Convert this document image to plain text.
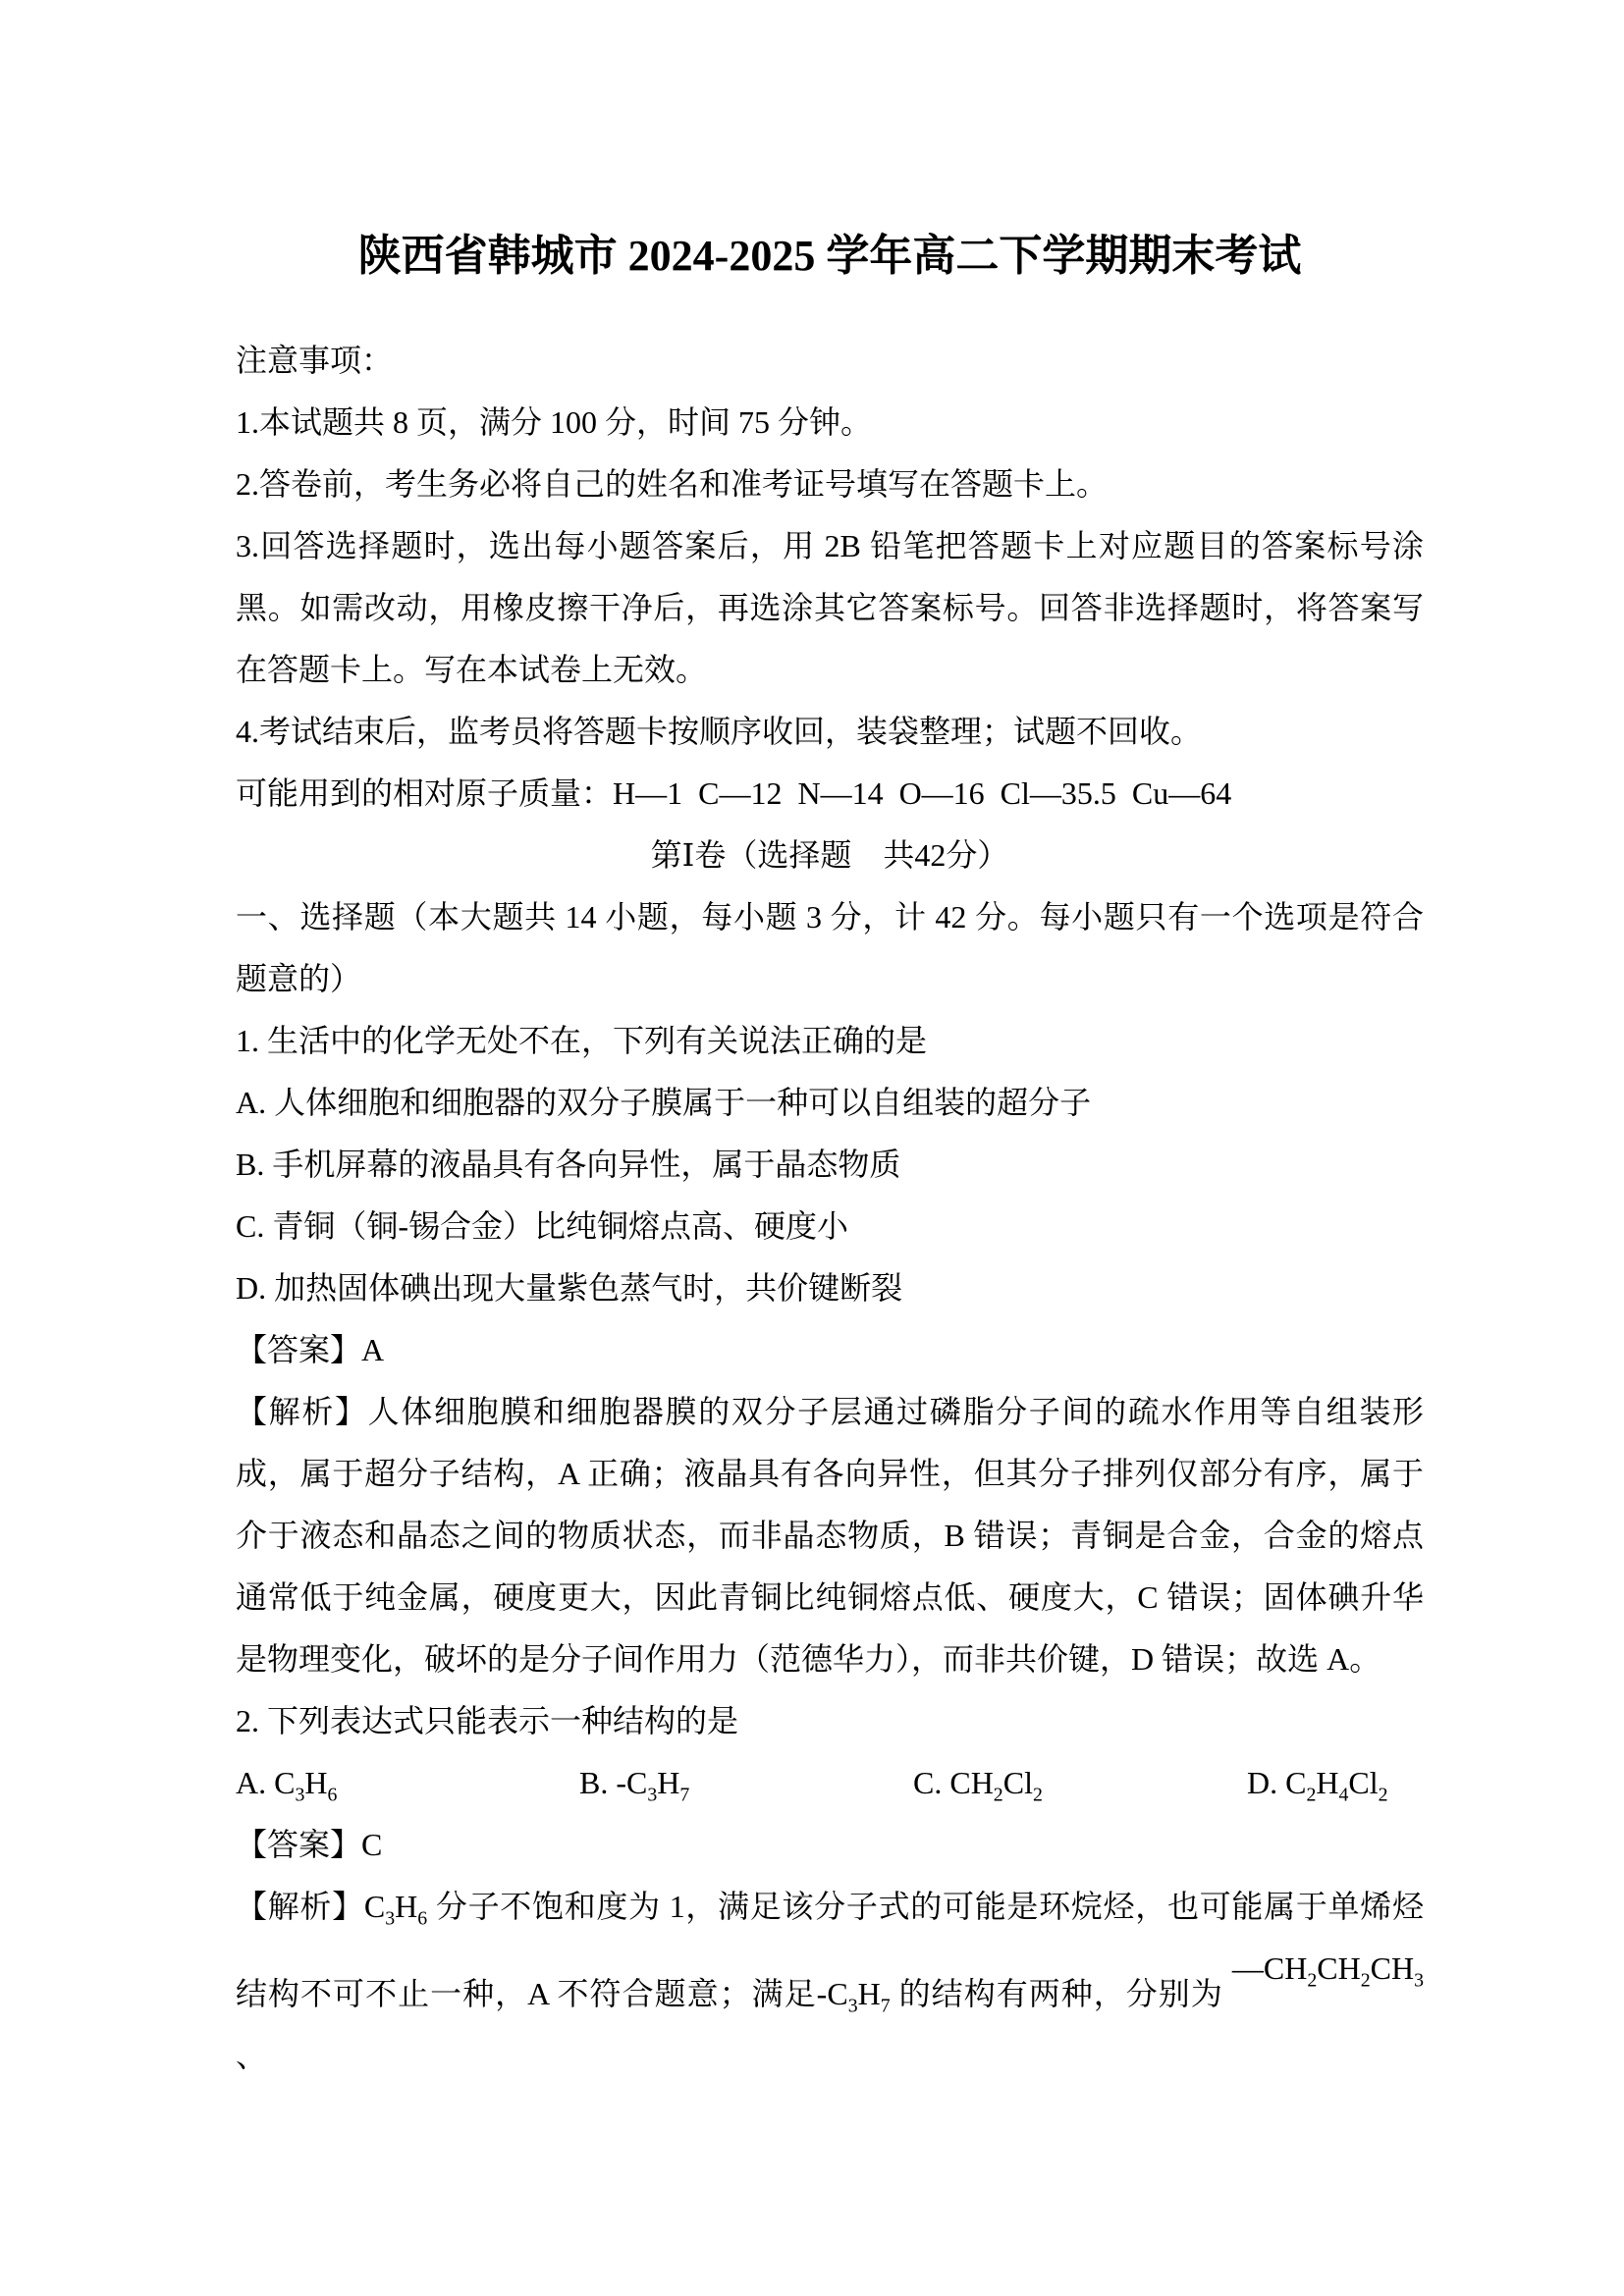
陕西省韩城市 2024-2025 学年高二下学期期末考试

注意事项：

1.本试题共 8 页，满分 100 分，时间 75 分钟。

2.答卷前，考生务必将自己的姓名和准考证号填写在答题卡上。

3.回答选择题时，选出每小题答案后，用 2B 铅笔把答题卡上对应题目的答案标号涂黑。如需改动，用橡皮擦干净后，再选涂其它答案标号。回答非选择题时，将答案写在答题卡上。写在本试卷上无效。

4.考试结束后，监考员将答题卡按顺序收回，装袋整理；试题不回收。

可能用到的相对原子质量：H—1  C—12  N—14  O—16  Cl—35.5  Cu—64

第Ⅰ卷（选择题　共42分）

一、选择题（本大题共 14 小题，每小题 3 分，计 42 分。每小题只有一个选项是符合题意的）

1. 生活中的化学无处不在，下列有关说法正确的是

A. 人体细胞和细胞器的双分子膜属于一种可以自组装的超分子

B. 手机屏幕的液晶具有各向异性，属于晶态物质

C. 青铜（铜-锡合金）比纯铜熔点高、硬度小

D. 加热固体碘出现大量紫色蒸气时，共价键断裂

【答案】A

【解析】人体细胞膜和细胞器膜的双分子层通过磷脂分子间的疏水作用等自组装形成，属于超分子结构，A 正确；液晶具有各向异性，但其分子排列仅部分有序，属于介于液态和晶态之间的物质状态，而非晶态物质，B 错误；青铜是合金，合金的熔点通常低于纯金属，硬度更大，因此青铜比纯铜熔点低、硬度大，C 错误；固体碘升华是物理变化，破坏的是分子间作用力（范德华力），而非共价键，D 错误；故选 A。

2. 下列表达式只能表示一种结构的是

A. $C_3H_6$	B. $-C_3H_7$	C. $CH_2Cl_2$	D. $C_2H_4Cl_2$

【答案】C

【解析】$C_3H_6$ 分子不饱和度为 1，满足该分子式的可能是环烷烃，也可能属于单烯烃结构不可不止一种，A 不符合题意；满足$-C_3H_7$ 的结构有两种，分别为 $—CH_2CH_2CH_3$ 、
